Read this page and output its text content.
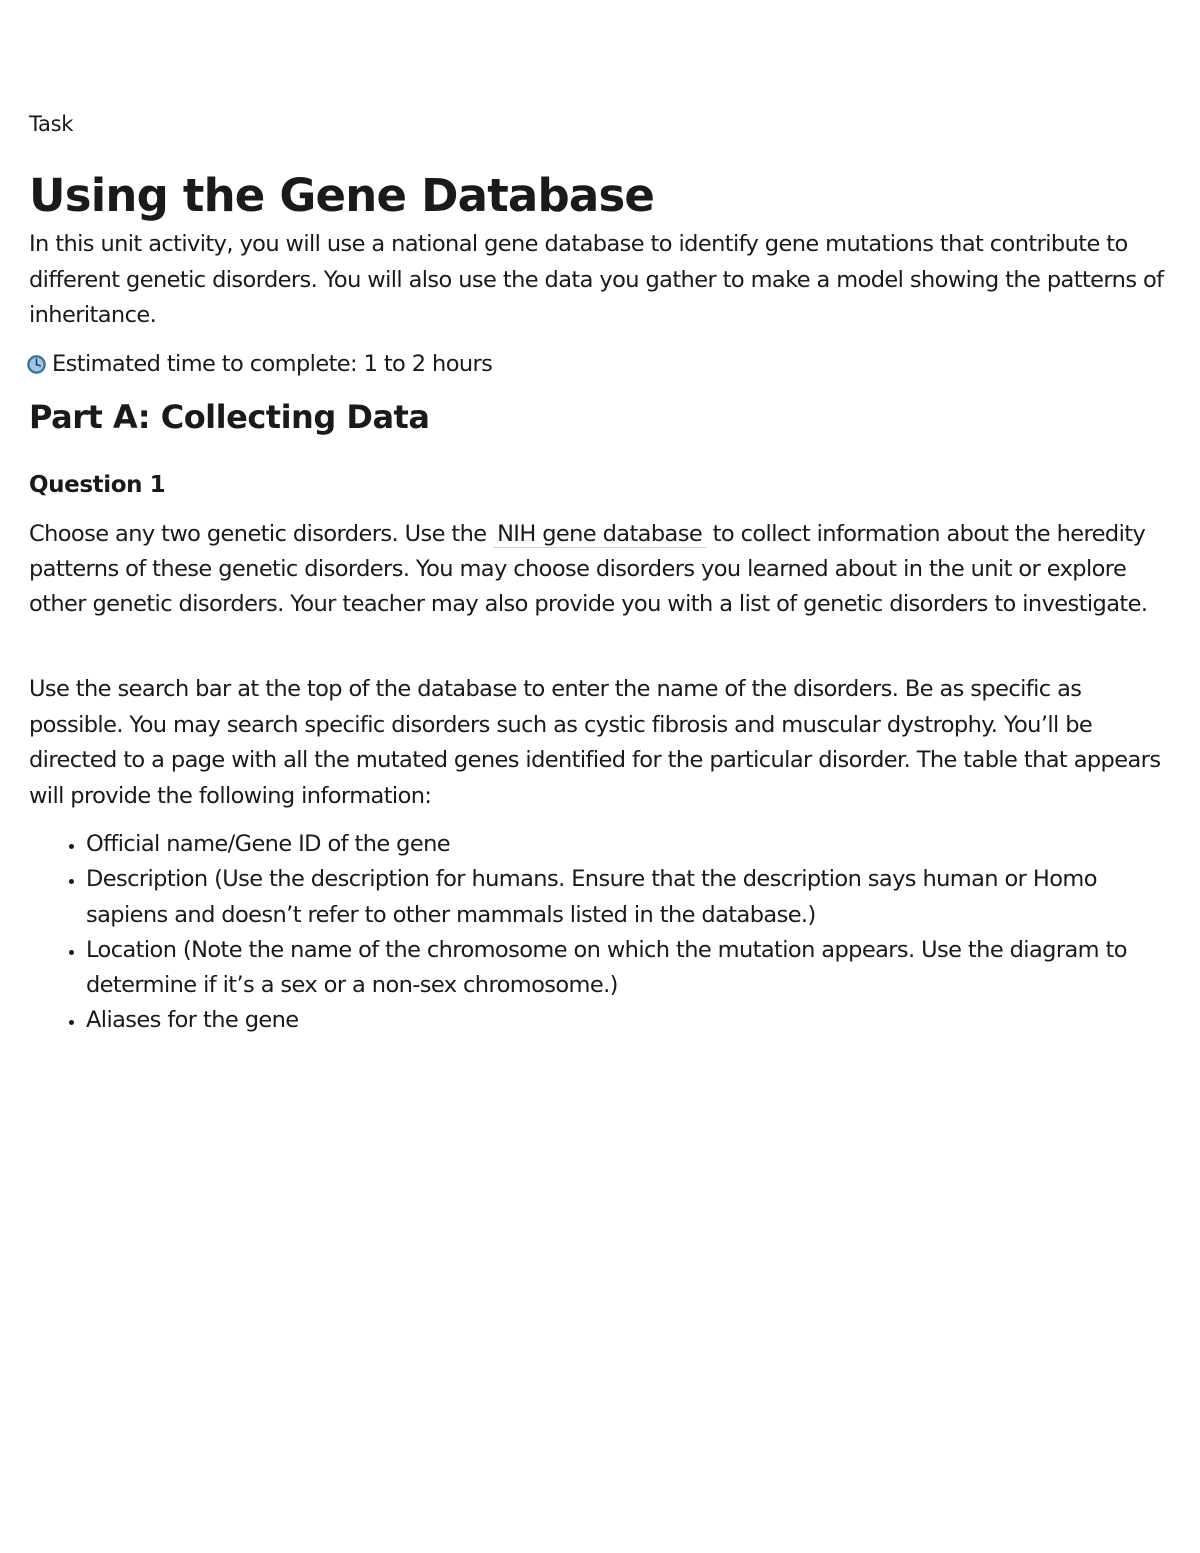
Task
Using the Gene Database

In this unit activity, you will use a national gene database to identify gene mutations that contribute to different genetic disorders. You will also use the data you gather to make a model showing the patterns of inheritance.

Estimated time to complete: 1 to 2 hours
Part A: Collecting Data
Question 1

Choose any two genetic disorders. Use the NIH gene database to collect information about the heredity patterns of these genetic disorders. You may choose disorders you learned about in the unit or explore other genetic disorders. Your teacher may also provide you with a list of genetic disorders to investigate.

Use the search bar at the top of the database to enter the name of the disorders. Be as specific as possible. You may search specific disorders such as cystic fibrosis and muscular dystrophy. You’ll be directed to a page with all the mutated genes identified for the particular disorder. The table that appears will provide the following information:

• Official name/Gene ID of the gene
• Description (Use the description for humans. Ensure that the description says human or Homo sapiens and doesn’t refer to other mammals listed in the database.)
• Location (Note the name of the chromosome on which the mutation appears. Use the diagram to determine if it’s a sex or a non-sex chromosome.)
• Aliases for the gene
